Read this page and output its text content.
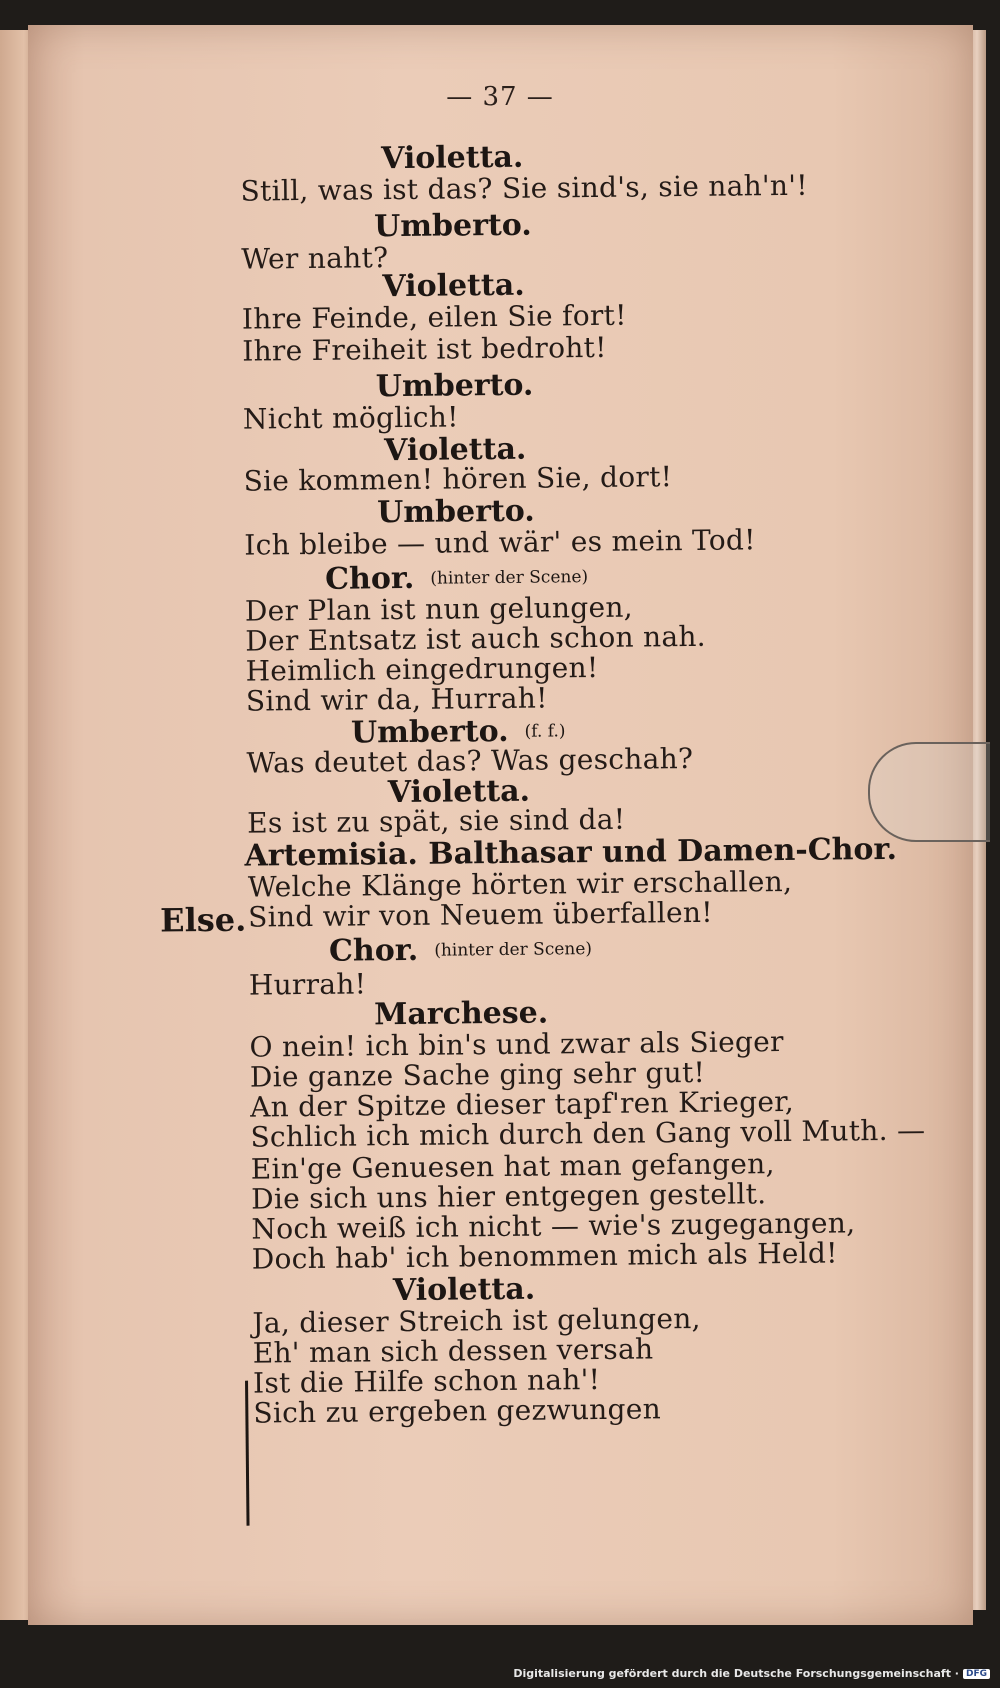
— 37 —
Else.
Violetta.
Still, was ist das? Sie sind's, sie nah'n'!
Umberto.
Wer naht?
Violetta.
Ihre Feinde, eilen Sie fort!
Ihre Freiheit ist bedroht!
Umberto.
Nicht möglich!
Violetta.
Sie kommen! hören Sie, dort!
Umberto.
Ich bleibe — und wär' es mein Tod!
Chor. (hinter der Scene)
Der Plan ist nun gelungen,
Der Entsatz ist auch schon nah.
Heimlich eingedrungen!
Sind wir da, Hurrah!
Umberto. (f. f.)
Was deutet das? Was geschah?
Violetta.
Es ist zu spät, sie sind da!
Artemisia. Balthasar und Damen-Chor.
Welche Klänge hörten wir erschallen,
Sind wir von Neuem überfallen!
Chor. (hinter der Scene)
Hurrah!
Marchese.
O nein! ich bin's und zwar als Sieger
Die ganze Sache ging sehr gut!
An der Spitze dieser tapf'ren Krieger,
Schlich ich mich durch den Gang voll Muth. —
Ein'ge Genuesen hat man gefangen,
Die sich uns hier entgegen gestellt.
Noch weiß ich nicht — wie's zugegangen,
Doch hab' ich benommen mich als Held!
Violetta.
Ja, dieser Streich ist gelungen,
Eh' man sich dessen versah
Ist die Hilfe schon nah'!
Sich zu ergeben gezwungen
Digitalisierung gefördert durch die Deutsche Forschungsgemeinschaft · DFG
